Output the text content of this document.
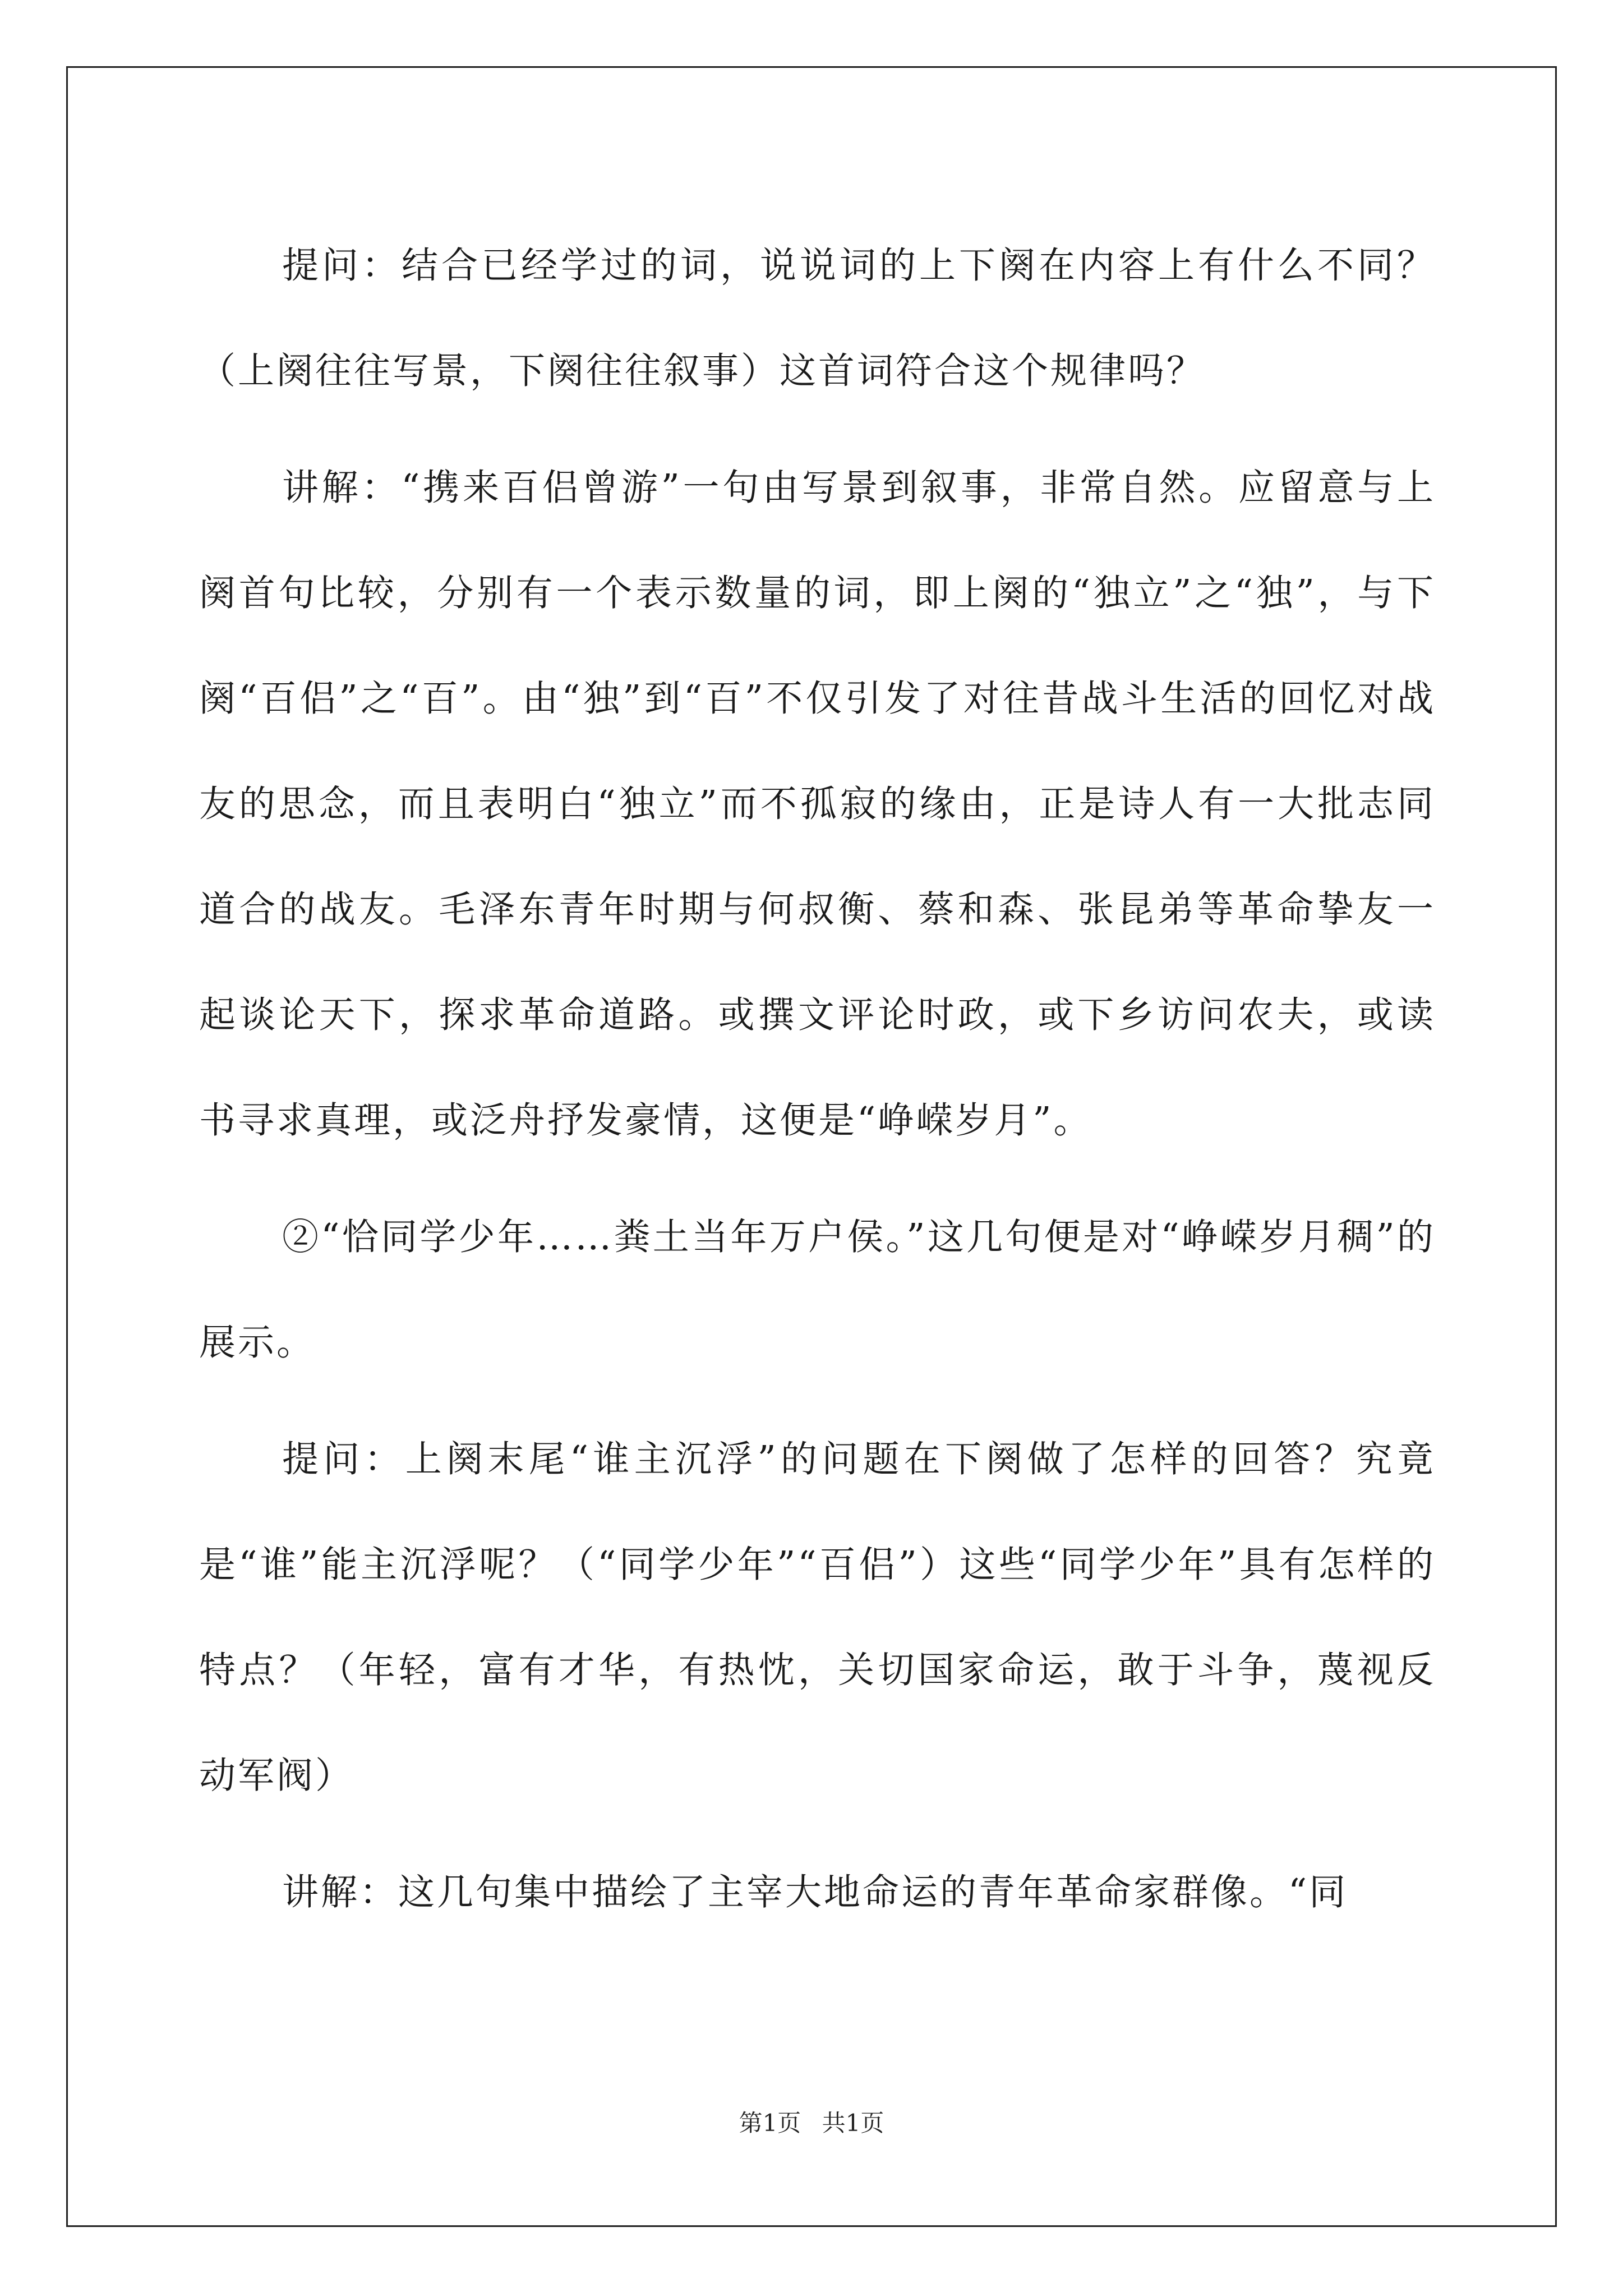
提问：结合已经学过的词，说说词的上下阕在内容上有什么不同？（上阕往往写景，下阕往往叙事）这首词符合这个规律吗？

讲解：“携来百侣曾游”一句由写景到叙事，非常自然。应留意与上阕首句比较，分别有一个表示数量的词，即上阕的“独立”之“独”，与下阕“百侣”之“百”。由“独”到“百”不仅引发了对往昔战斗生活的回忆对战友的思念，而且表明白“独立”而不孤寂的缘由，正是诗人有一大批志同道合的战友。毛泽东青年时期与何叔衡、蔡和森、张昆弟等革命挚友一起谈论天下，探求革命道路。或撰文评论时政，或下乡访问农夫，或读书寻求真理，或泛舟抒发豪情，这便是“峥嵘岁月”。

②“恰同学少年……粪土当年万户侯。”这几句便是对“峥嵘岁月稠”的展示。

提问：上阕末尾“谁主沉浮”的问题在下阕做了怎样的回答？究竟是“谁”能主沉浮呢？（“同学少年”“百侣”）这些“同学少年”具有怎样的特点？（年轻，富有才华，有热忱，关切国家命运，敢于斗争，蔑视反动军阀）

讲解：这几句集中描绘了主宰大地命运的青年革命家群像。“同

第1页 共1页
